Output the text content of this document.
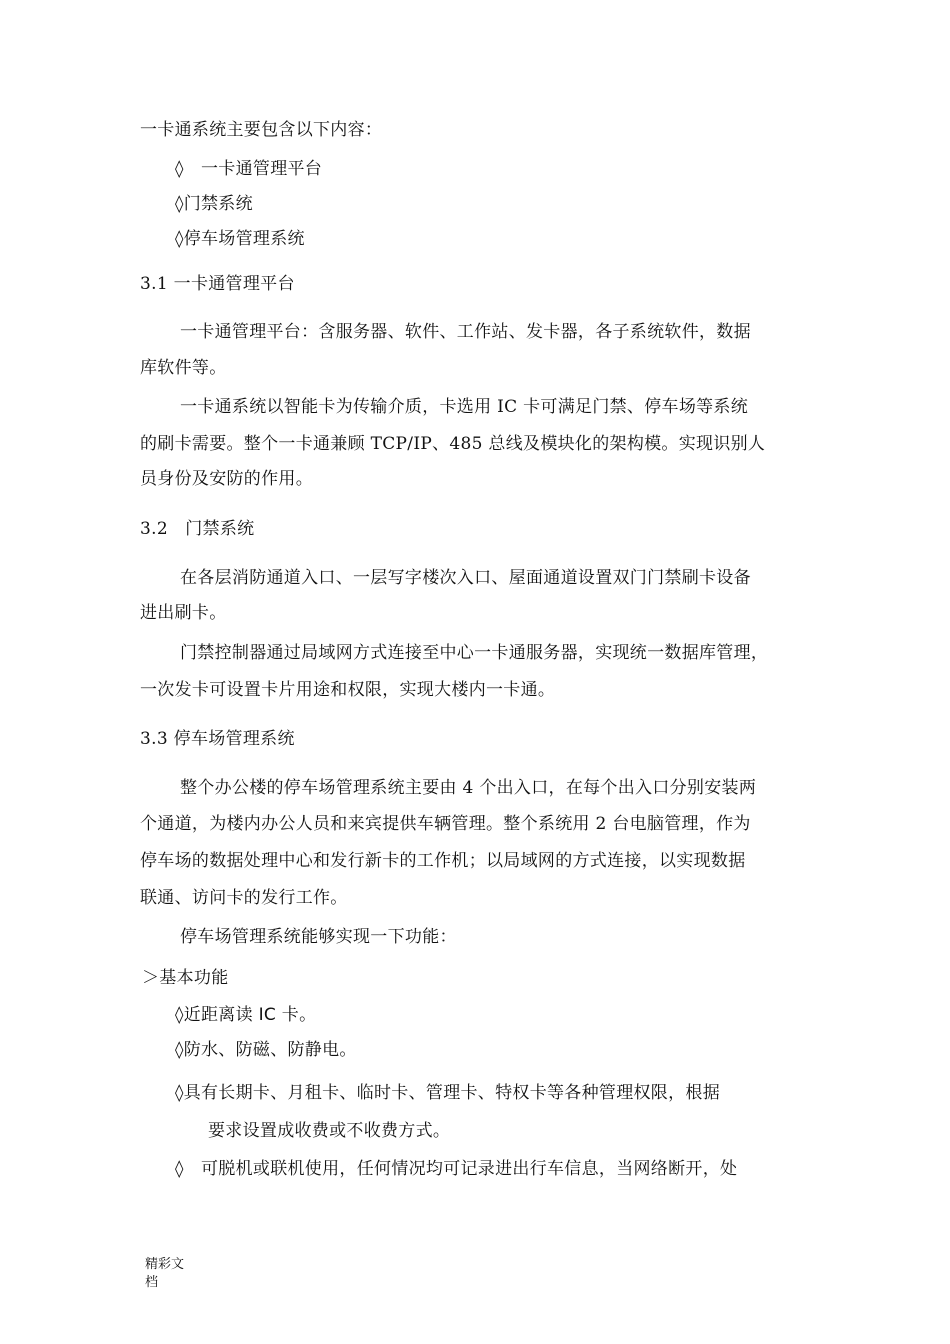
一卡通系统主要包含以下内容：
◊　一卡通管理平台
◊门禁系统
◊停车场管理系统
3.1 一卡通管理平台
一卡通管理平台：含服务器、软件、工作站、发卡器，各子系统软件，数据
库软件等。
一卡通系统以智能卡为传输介质，卡选用 IC 卡可满足门禁、停车场等系统
的刷卡需要。整个一卡通兼顾 TCP/IP、485 总线及模块化的架构模。实现识别人
员身份及安防的作用。
3.2　门禁系统
在各层消防通道入口、一层写字楼次入口、屋面通道设置双门门禁刷卡设备
进出刷卡。
门禁控制器通过局域网方式连接至中心一卡通服务器，实现统一数据库管理，
一次发卡可设置卡片用途和权限，实现大楼内一卡通。
3.3 停车场管理系统
整个办公楼的停车场管理系统主要由 4 个出入口，在每个出入口分别安装两
个通道，为楼内办公人员和来宾提供车辆管理。整个系统用 2 台电脑管理，作为
停车场的数据处理中心和发行新卡的工作机；以局域网的方式连接，以实现数据
联通、访问卡的发行工作。
停车场管理系统能够实现一下功能：
＞基本功能
◊近距离读 IC 卡。
◊防水、防磁、防静电。
◊具有长期卡、月租卡、临时卡、管理卡、特权卡等各种管理权限，根据
要求设置成收费或不收费方式。
◊　可脱机或联机使用，任何情况均可记录进出行车信息，当网络断开，处
精彩文
档
